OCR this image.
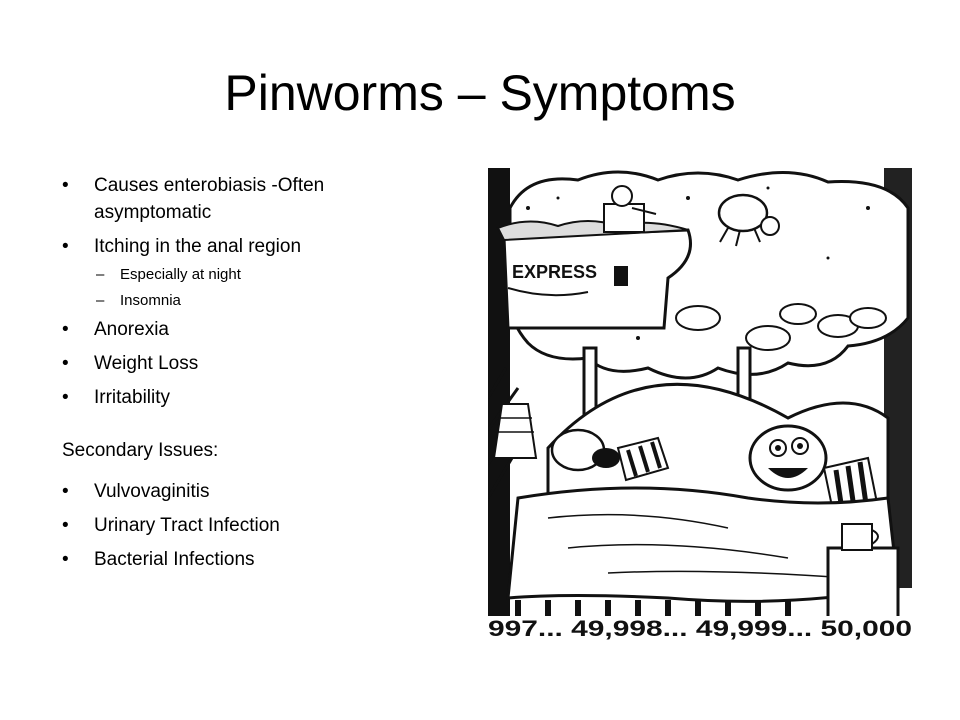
Pinworms – Symptoms
• Causes enterobiasis -Often asymptomatic
• Itching in the anal region
– Especially at night
– Insomnia
• Anorexia
• Weight Loss
• Irritability
Secondary Issues:
• Vulvovaginitis
• Urinary Tract Infection
• Bacterial Infections
EXPRESS
997... 49,998... 49,999... 50,000
